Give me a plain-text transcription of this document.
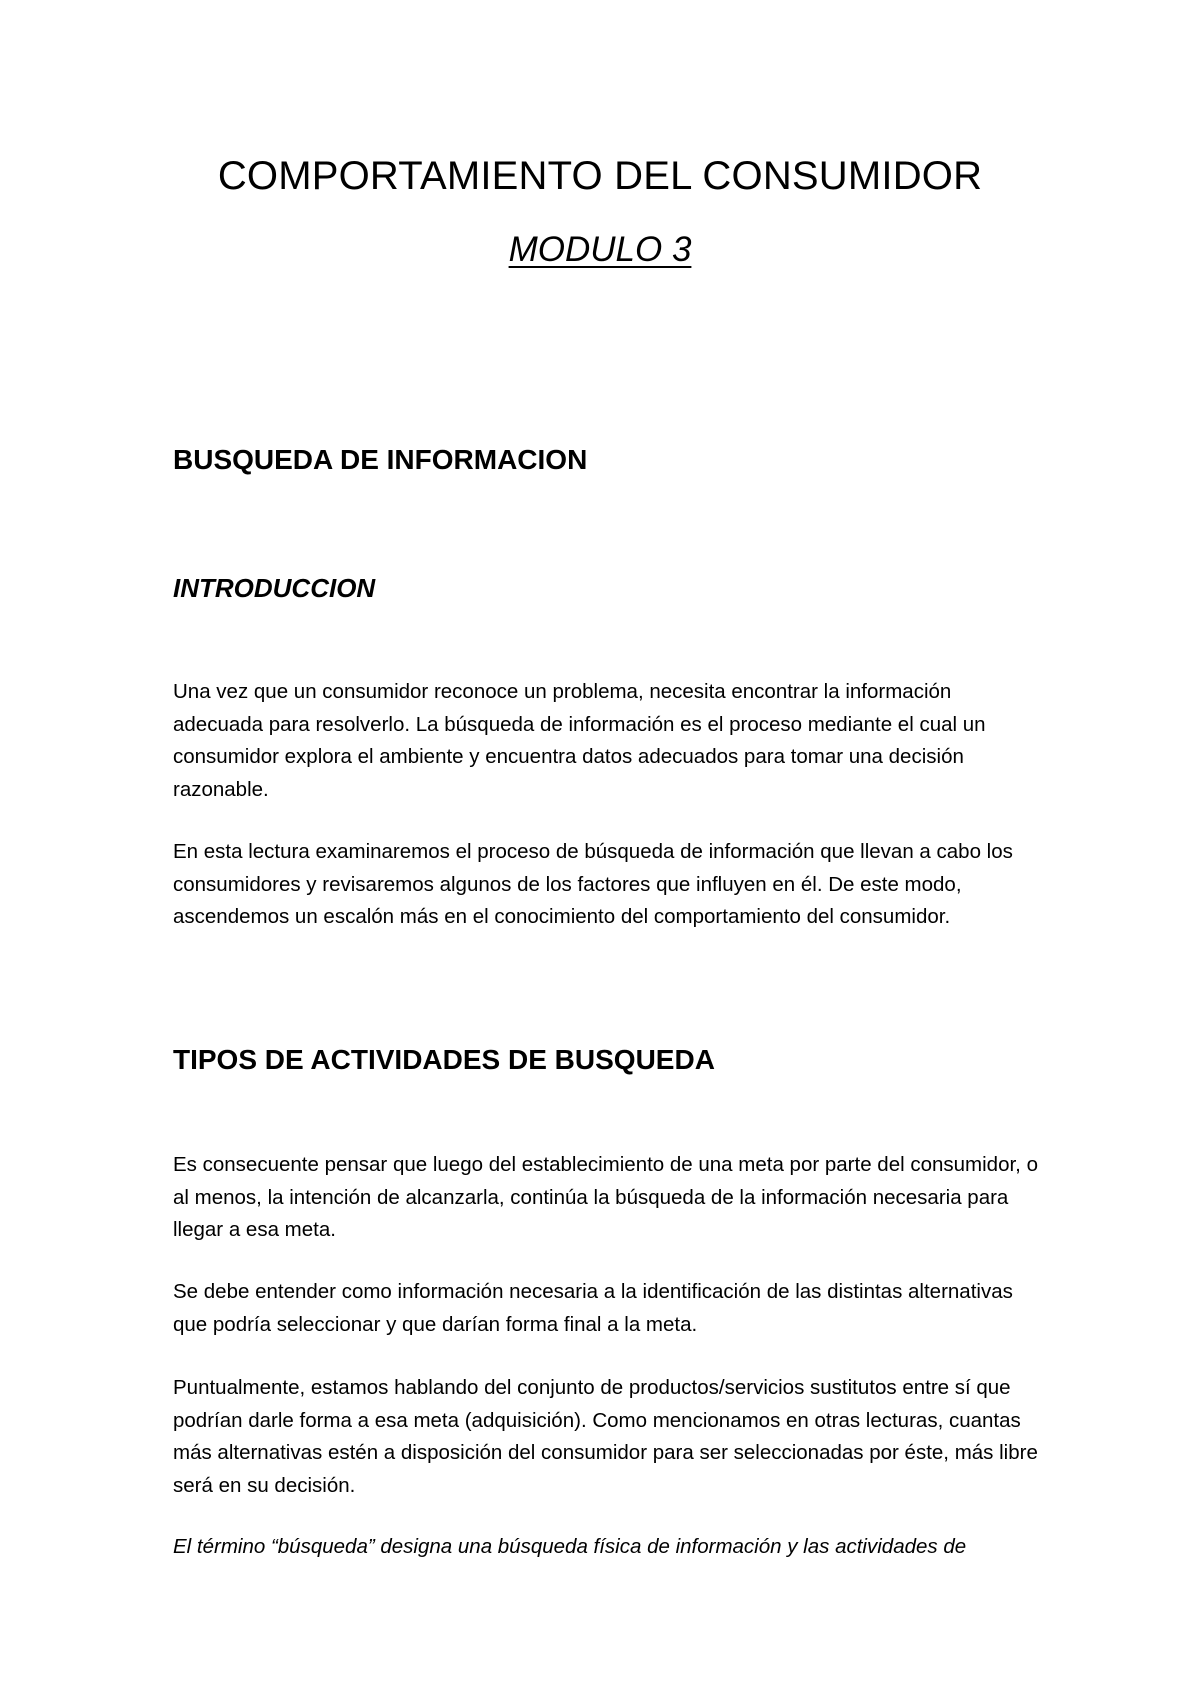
COMPORTAMIENTO DEL CONSUMIDOR
MODULO 3
BUSQUEDA DE INFORMACION
INTRODUCCION

Una vez que un consumidor reconoce un problema, necesita encontrar la información adecuada para resolverlo. La búsqueda de información es el proceso mediante el cual un consumidor explora el ambiente y encuentra datos adecuados para tomar una decisión razonable.

En esta lectura examinaremos el proceso de búsqueda de información que llevan a cabo los consumidores y revisaremos algunos de los factores que influyen en él. De este modo, ascendemos un escalón más en el conocimiento del comportamiento del consumidor.

TIPOS DE ACTIVIDADES DE BUSQUEDA

Es consecuente pensar que luego del establecimiento de una meta por parte del consumidor, o al menos, la intención de alcanzarla, continúa la búsqueda de la información necesaria para llegar a esa meta.

Se debe entender como información necesaria a la identificación de las distintas alternativas que podría seleccionar y que darían forma final a la meta.

Puntualmente, estamos hablando del conjunto de productos/servicios sustitutos entre sí que podrían darle forma a esa meta (adquisición). Como mencionamos en otras lecturas, cuantas más alternativas estén a disposición del consumidor para ser seleccionadas por éste, más libre será en su decisión.

El término “búsqueda” designa una búsqueda física de información y las actividades de
